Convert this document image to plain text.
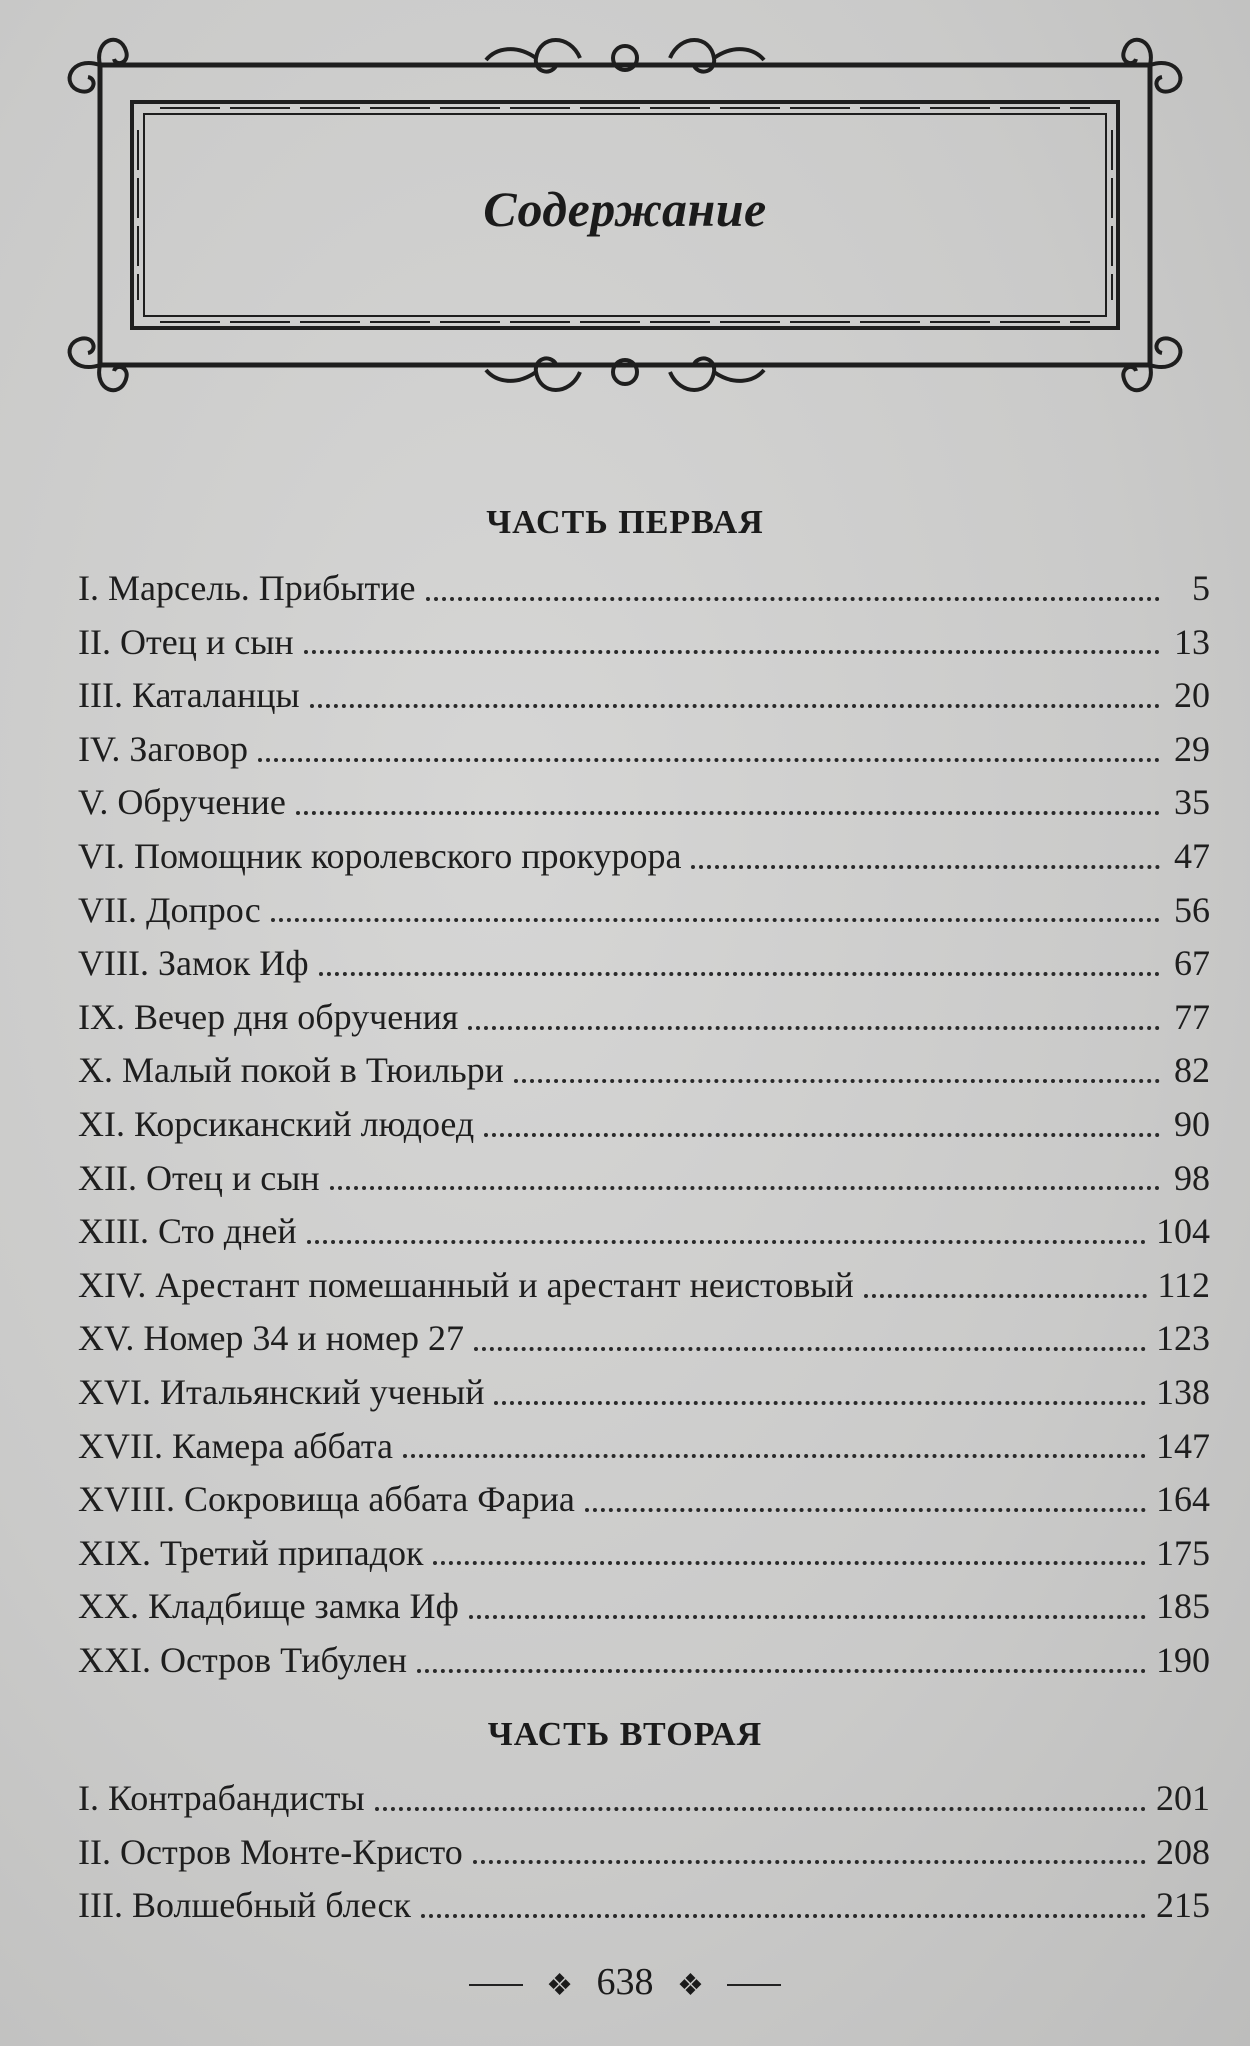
Содержание
ЧАСТЬ ПЕРВАЯ
I. Марсель. Прибытие	5
II. Отец и сын	13
III. Каталанцы	20
IV. Заговор	29
V. Обручение	35
VI. Помощник королевского прокурора	47
VII. Допрос	56
VIII. Замок Иф	67
IX. Вечер дня обручения	77
X. Малый покой в Тюильри	82
XI. Корсиканский людоед	90
XII. Отец и сын	98
XIII. Сто дней	104
XIV. Арестант помешанный и арестант неистовый	112
XV. Номер 34 и номер 27	123
XVI. Итальянский ученый	138
XVII. Камера аббата	147
XVIII. Сокровища аббата Фариа	164
XIX. Третий припадок	175
XX. Кладбище замка Иф	185
XXI. Остров Тибулен	190
ЧАСТЬ ВТОРАЯ
I. Контрабандисты	201
II. Остров Монте-Кристо	208
III. Волшебный блеск	215
❖ 638 ❖
